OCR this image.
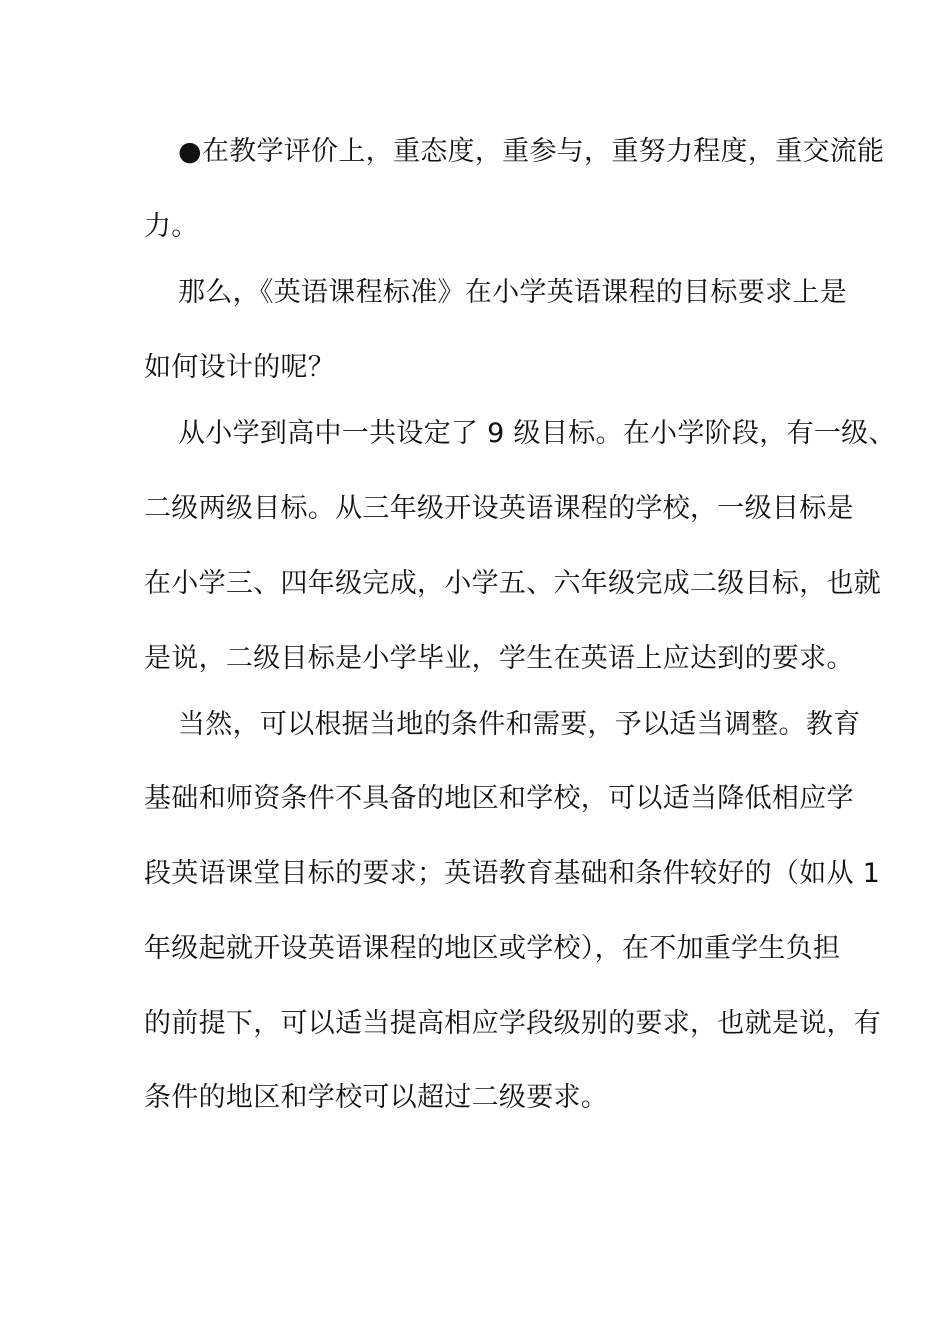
●在教学评价上，重态度，重参与，重努力程度，重交流能
力。
那么，《英语课程标准》在小学英语课程的目标要求上是
如何设计的呢？
从小学到高中一共设定了 9 级目标。在小学阶段，有一级、
二级两级目标。从三年级开设英语课程的学校，一级目标是
在小学三、四年级完成，小学五、六年级完成二级目标，也就
是说，二级目标是小学毕业，学生在英语上应达到的要求。
当然，可以根据当地的条件和需要，予以适当调整。教育
基础和师资条件不具备的地区和学校，可以适当降低相应学
段英语课堂目标的要求；英语教育基础和条件较好的（如从 1
年级起就开设英语课程的地区或学校），在不加重学生负担
的前提下，可以适当提高相应学段级别的要求，也就是说，有
条件的地区和学校可以超过二级要求。
